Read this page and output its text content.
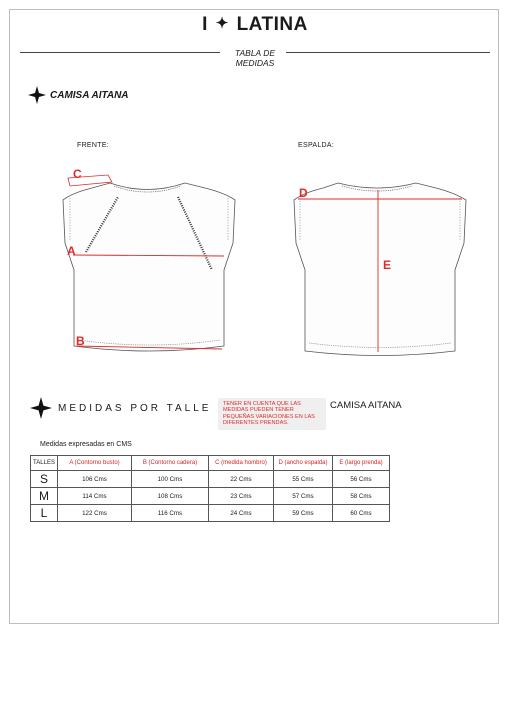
I ✦ LATINA
TABLA DE
MEDIDAS
CAMISA AITANA
FRENTE:	ESPALDA:
C
A
B
D
E
MEDIDAS POR TALLE	TENER EN CUENTA QUE LAS MEDIDAS PUEDEN TENER PEQUEÑAS VARIACIONES EN LAS DIFERENTES PRENDAS.
CAMISA AITANA
Medidas expresadas en CMS
TALLES	A (Contorno busto)	B (Contorno cadera)	C (medida hombro)	D (ancho espalda)	E (largo prenda)
S	106 Cms	100 Cms	22 Cms	55 Cms	56 Cms
M	114 Cms	108 Cms	23 Cms	57 Cms	58 Cms
L	122 Cms	116 Cms	24 Cms	59 Cms	60 Cms
